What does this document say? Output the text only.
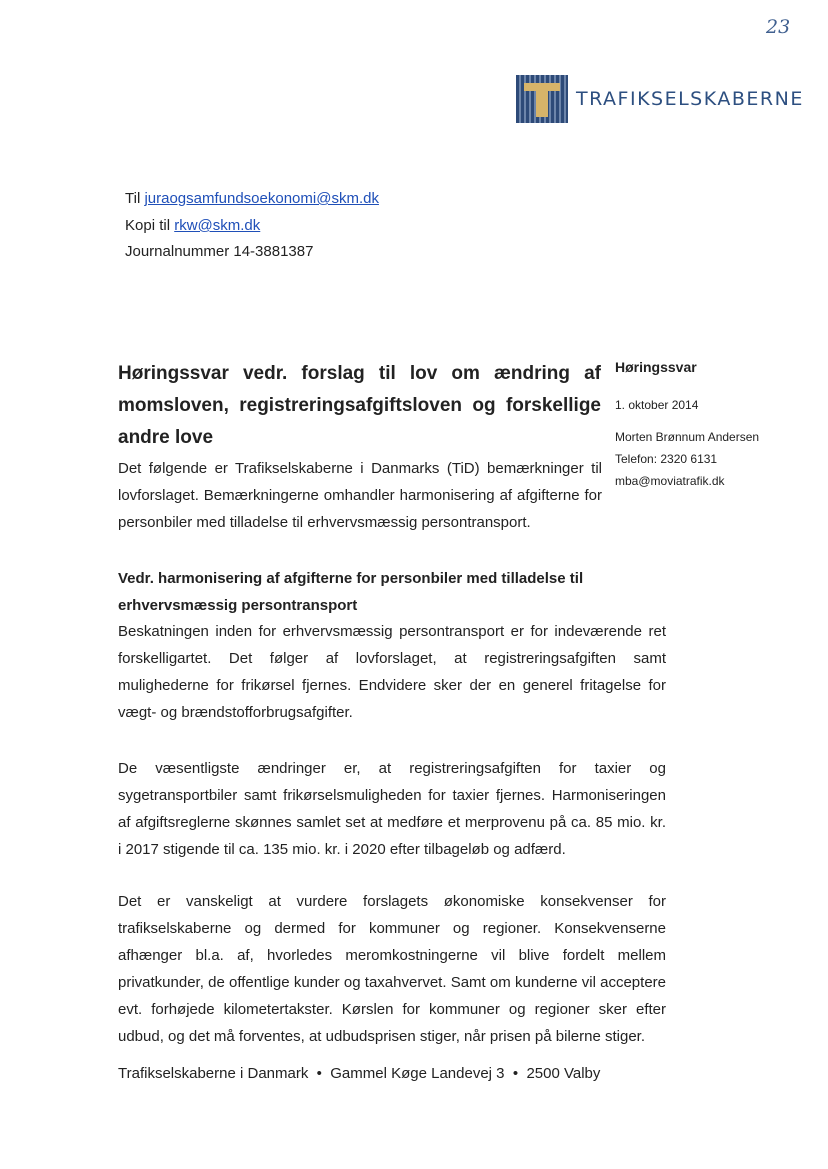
23
TRAFIKSELSKABERNE
Til juraogsamfundsoekonomi@skm.dk
Kopi til rkw@skm.dk
Journalnummer 14-3881387
Høringssvar vedr. forslag til lov om ændring af momsloven, registreringsafgiftsloven og forskellige andre love
Høringssvar
1. oktober 2014
Morten Brønnum Andersen
Telefon: 2320 6131
mba@moviatrafik.dk
Det følgende er Trafikselskaberne i Danmarks (TiD) bemærkninger til lovforslaget. Bemærkningerne omhandler harmonisering af afgifterne for personbiler med tilladelse til erhvervsmæssig persontransport.
Vedr. harmonisering af afgifterne for personbiler med tilladelse til erhvervsmæssig persontransport
Beskatningen inden for erhvervsmæssig persontransport er for indeværende ret forskelligartet. Det følger af lovforslaget, at registreringsafgiften samt mulighederne for frikørsel fjernes. Endvidere sker der en generel fritagelse for vægt- og brændstofforbrugsafgifter.
De væsentligste ændringer er, at registreringsafgiften for taxier og sygetransportbiler samt frikørselsmuligheden for taxier fjernes. Harmoniseringen af afgiftsreglerne skønnes samlet set at medføre et merprovenu på ca. 85 mio. kr. i 2017 stigende til ca. 135 mio. kr. i 2020 efter tilbageløb og adfærd.
Det er vanskeligt at vurdere forslagets økonomiske konsekvenser for trafikselskaberne og dermed for kommuner og regioner. Konsekvenserne afhænger bl.a. af, hvorledes meromkostningerne vil blive fordelt mellem privatkunder, de offentlige kunder og taxahvervet. Samt om kunderne vil acceptere evt. forhøjede kilometertakster. Kørslen for kommuner og regioner sker efter udbud, og det må forventes, at udbudsprisen stiger, når prisen på bilerne stiger.
Trafikselskaberne i Danmark  •  Gammel Køge Landevej 3  •  2500 Valby
